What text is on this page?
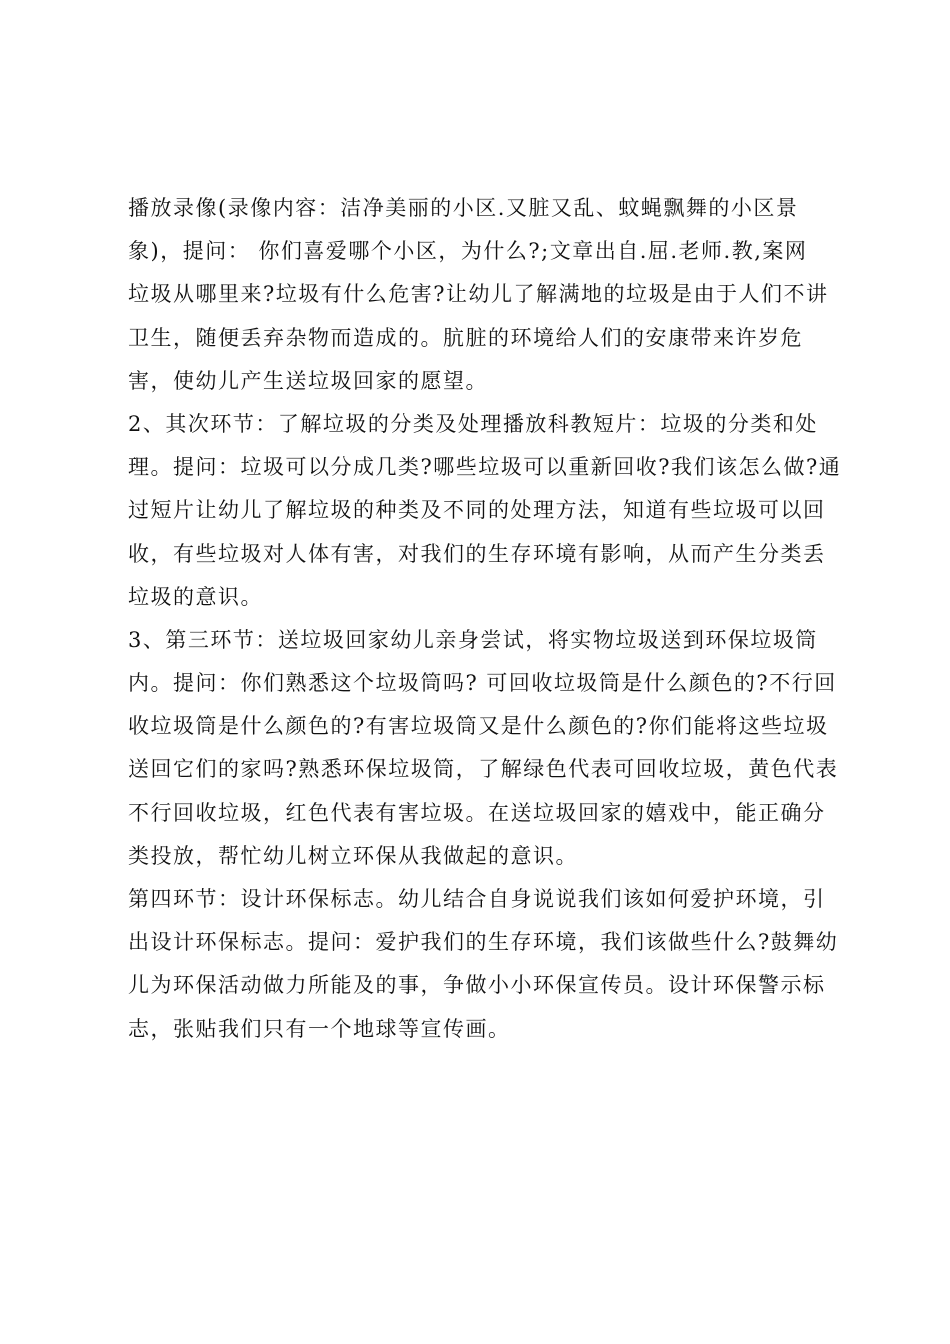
播放录像(录像内容：洁净美丽的小区.又脏又乱、蚊蝇飘舞的小区景
象)，提问： 你们喜爱哪个小区，为什么?;文章出自.屈.老师.教,案网
垃圾从哪里来?垃圾有什么危害?让幼儿了解满地的垃圾是由于人们不讲
卫生，随便丢弃杂物而造成的。肮脏的环境给人们的安康带来许岁危
害，使幼儿产生送垃圾回家的愿望。
2、其次环节：了解垃圾的分类及处理播放科教短片：垃圾的分类和处
理。提问：垃圾可以分成几类?哪些垃圾可以重新回收?我们该怎么做?通
过短片让幼儿了解垃圾的种类及不同的处理方法，知道有些垃圾可以回
收，有些垃圾对人体有害，对我们的生存环境有影响，从而产生分类丢
垃圾的意识。
3、第三环节：送垃圾回家幼儿亲身尝试，将实物垃圾送到环保垃圾筒
内。提问：你们熟悉这个垃圾筒吗? 可回收垃圾筒是什么颜色的?不行回
收垃圾筒是什么颜色的?有害垃圾筒又是什么颜色的?你们能将这些垃圾
送回它们的家吗?熟悉环保垃圾筒，了解绿色代表可回收垃圾，黄色代表
不行回收垃圾，红色代表有害垃圾。在送垃圾回家的嬉戏中，能正确分
类投放，帮忙幼儿树立环保从我做起的意识。
第四环节：设计环保标志。幼儿结合自身说说我们该如何爱护环境，引
出设计环保标志。提问：爱护我们的生存环境，我们该做些什么?鼓舞幼
儿为环保活动做力所能及的事，争做小小环保宣传员。设计环保警示标
志，张贴我们只有一个地球等宣传画。
